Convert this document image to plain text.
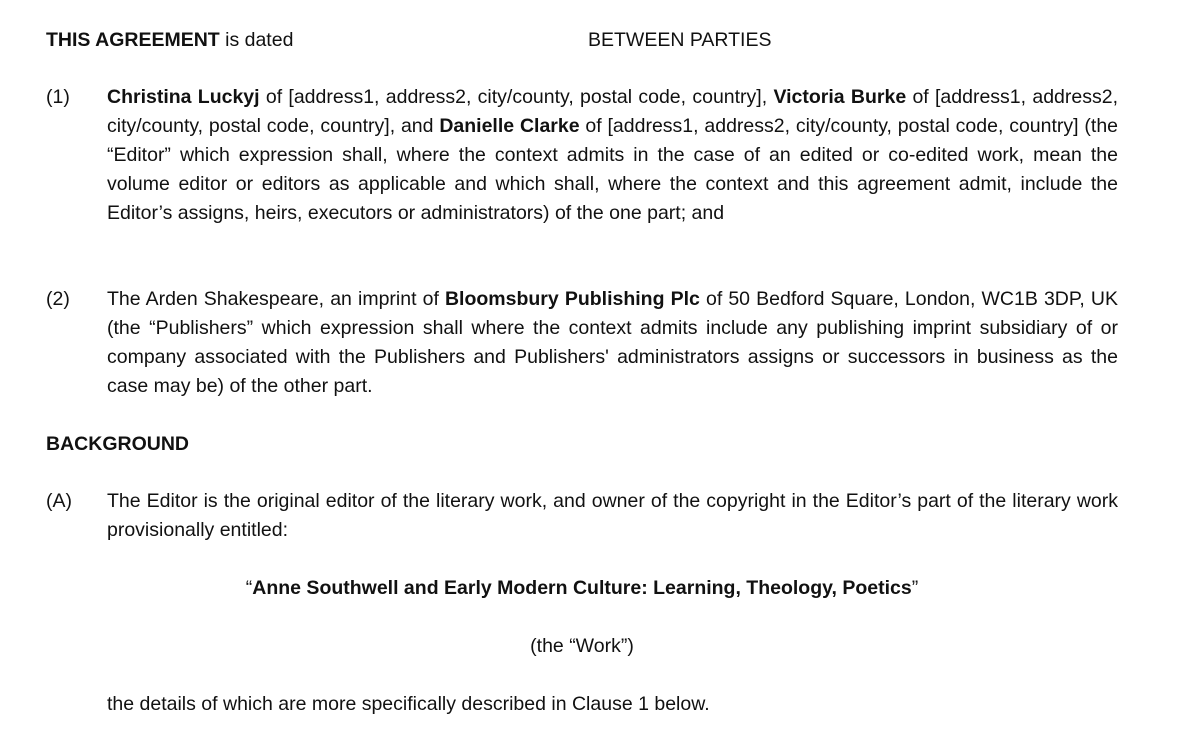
THIS AGREEMENT is dated	BETWEEN PARTIES
(1)	Christina Luckyj of [address1, address2, city/county, postal code, country], Victoria Burke of [address1, address2, city/county, postal code, country], and Danielle Clarke of [address1, address2, city/county, postal code, country] (the “Editor” which expression shall, where the context admits in the case of an edited or co-edited work, mean the volume editor or editors as applicable and which shall, where the context and this agreement admit, include the Editor’s assigns, heirs, executors or administrators) of the one part; and
(2)	The Arden Shakespeare, an imprint of Bloomsbury Publishing Plc of 50 Bedford Square, London, WC1B 3DP, UK (the “Publishers” which expression shall where the context admits include any publishing imprint subsidiary of or company associated with the Publishers and Publishers' administrators assigns or successors in business as the case may be) of the other part.
BACKGROUND
(A)	The Editor is the original editor of the literary work, and owner of the copyright in the Editor’s part of the literary work provisionally entitled:
“Anne Southwell and Early Modern Culture: Learning, Theology, Poetics”
(the “Work”)
the details of which are more specifically described in Clause 1 below.
